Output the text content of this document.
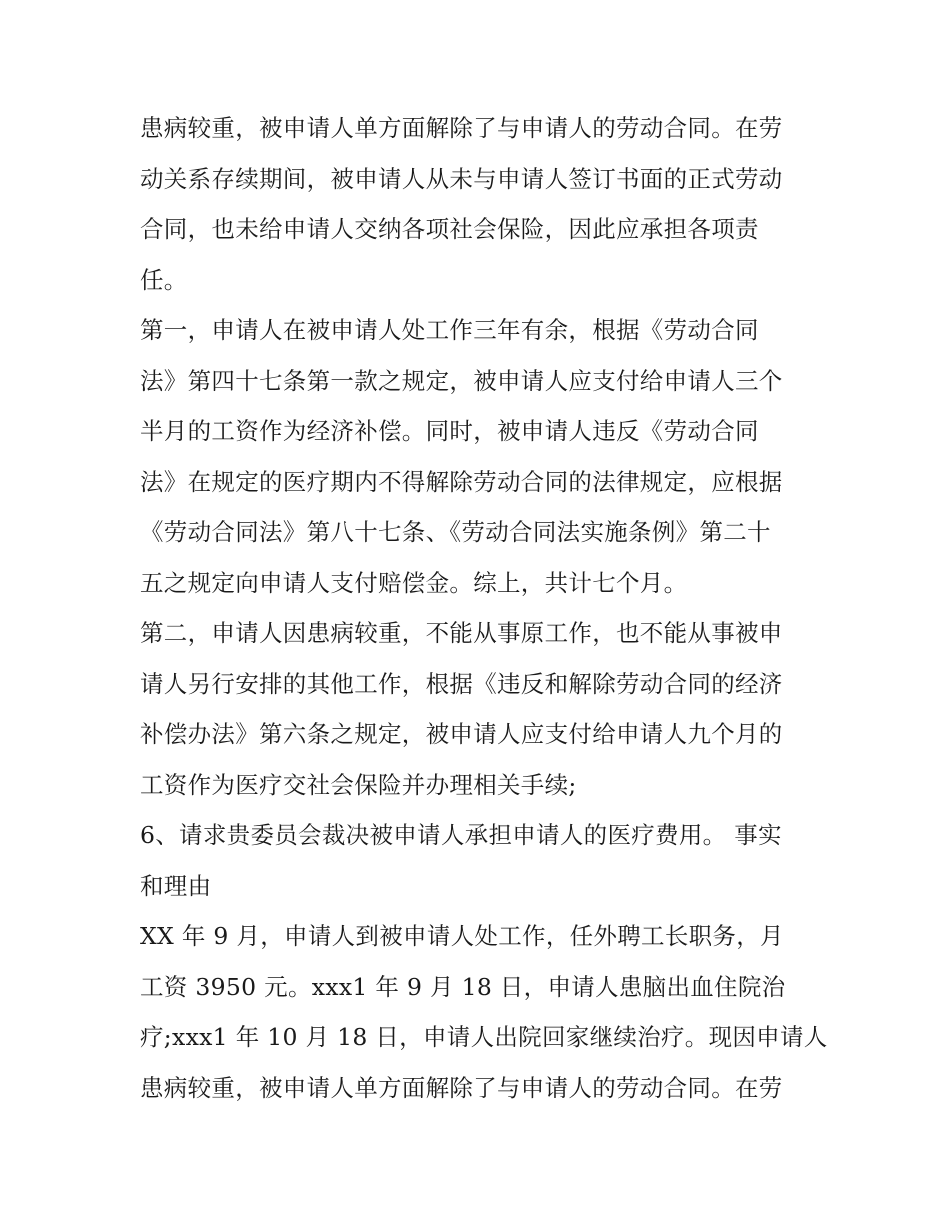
患病较重，被申请人单方面解除了与申请人的劳动合同。在劳
动关系存续期间，被申请人从未与申请人签订书面的正式劳动
合同，也未给申请人交纳各项社会保险，因此应承担各项责
任。
第一，申请人在被申请人处工作三年有余，根据《劳动合同
法》第四十七条第一款之规定，被申请人应支付给申请人三个
半月的工资作为经济补偿。同时，被申请人违反《劳动合同
法》在规定的医疗期内不得解除劳动合同的法律规定，应根据
《劳动合同法》第八十七条、《劳动合同法实施条例》第二十
五之规定向申请人支付赔偿金。综上，共计七个月。
第二，申请人因患病较重，不能从事原工作，也不能从事被申
请人另行安排的其他工作，根据《违反和解除劳动合同的经济
补偿办法》第六条之规定，被申请人应支付给申请人九个月的
工资作为医疗交社会保险并办理相关手续;
6、请求贵委员会裁决被申请人承担申请人的医疗费用。 事实
和理由
XX 年 9 月，申请人到被申请人处工作，任外聘工长职务，月
工资 3950 元。xxx1 年 9 月 18 日，申请人患脑出血住院治
疗;xxx1 年 10 月 18 日，申请人出院回家继续治疗。现因申请人
患病较重，被申请人单方面解除了与申请人的劳动合同。在劳
